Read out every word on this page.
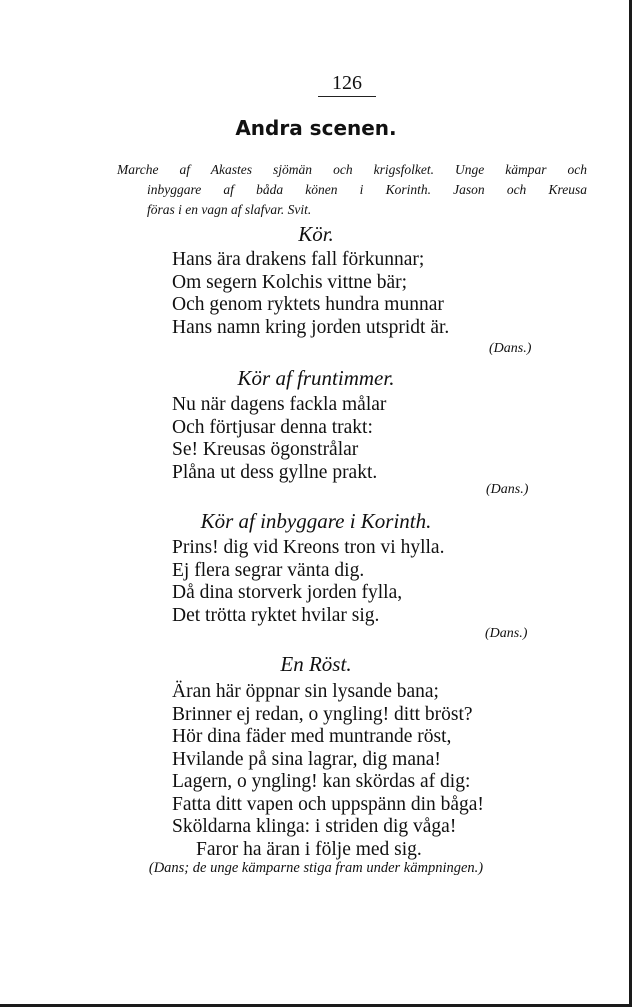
126
Andra scenen.
Marche af Akastes sjömän och krigsfolket. Unge kämpar och
inbyggare af båda könen i Korinth. Jason och Kreusa
föras i en vagn af slafvar. Svit.
Kör.
Hans ära drakens fall förkunnar;
Om segern Kolchis vittne bär;
Och genom ryktets hundra munnar
Hans namn kring jorden utspridt är.
(Dans.)
Kör af fruntimmer.
Nu när dagens fackla målar
Och förtjusar denna trakt:
Se! Kreusas ögonstrålar
Plåna ut dess gyllne prakt.
(Dans.)
Kör af inbyggare i Korinth.
Prins! dig vid Kreons tron vi hylla.
Ej flera segrar vänta dig.
Då dina storverk jorden fylla,
Det trötta ryktet hvilar sig.
(Dans.)
En Röst.
Äran här öppnar sin lysande bana;
Brinner ej redan, o yngling! ditt bröst?
Hör dina fäder med muntrande röst,
Hvilande på sina lagrar, dig mana!
Lagern, o yngling! kan skördas af dig:
Fatta ditt vapen och uppspänn din båga!
Sköldarna klinga: i striden dig våga!
Faror ha äran i följe med sig.
(Dans; de unge kämparne stiga fram under kämpningen.)
